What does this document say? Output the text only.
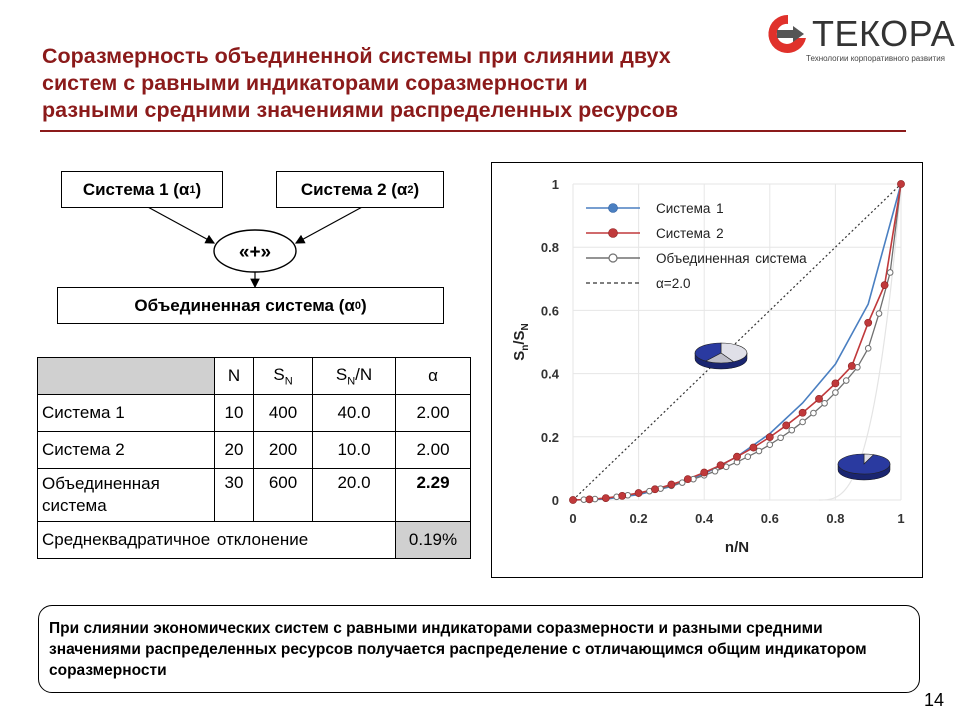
Соразмерность объединенной системы при слиянии двух
систем с равными индикаторами соразмерности и
разными средними значениями распределенных ресурсов
ТЕКОРА
Технологии корпоративного развития
«+»
Система 1 (α 1 )	Система 2 (α 2 )
Объединенная система (α 0 )
	N	$S_N$	$S_N/N$	α
Система 1	10	400	40.0	2.00
Система 2	20	200	10.0	2.00
Объединенная система	30	600	20.0	2.29
Среднеквадратичное отклонение				0.19%
0	0.2	0.4	0.6	0.8	1
0
0.2
0.4
0.6
0.8
1
n/N
$S_n/S_N$
Система 1
Система 2
Объединенная система
α=2.0
При слиянии экономических систем с равными индикаторами соразмерности и разными средними значениями распределенных ресурсов получается распределение с отличающимся общим индикатором соразмерности
14
